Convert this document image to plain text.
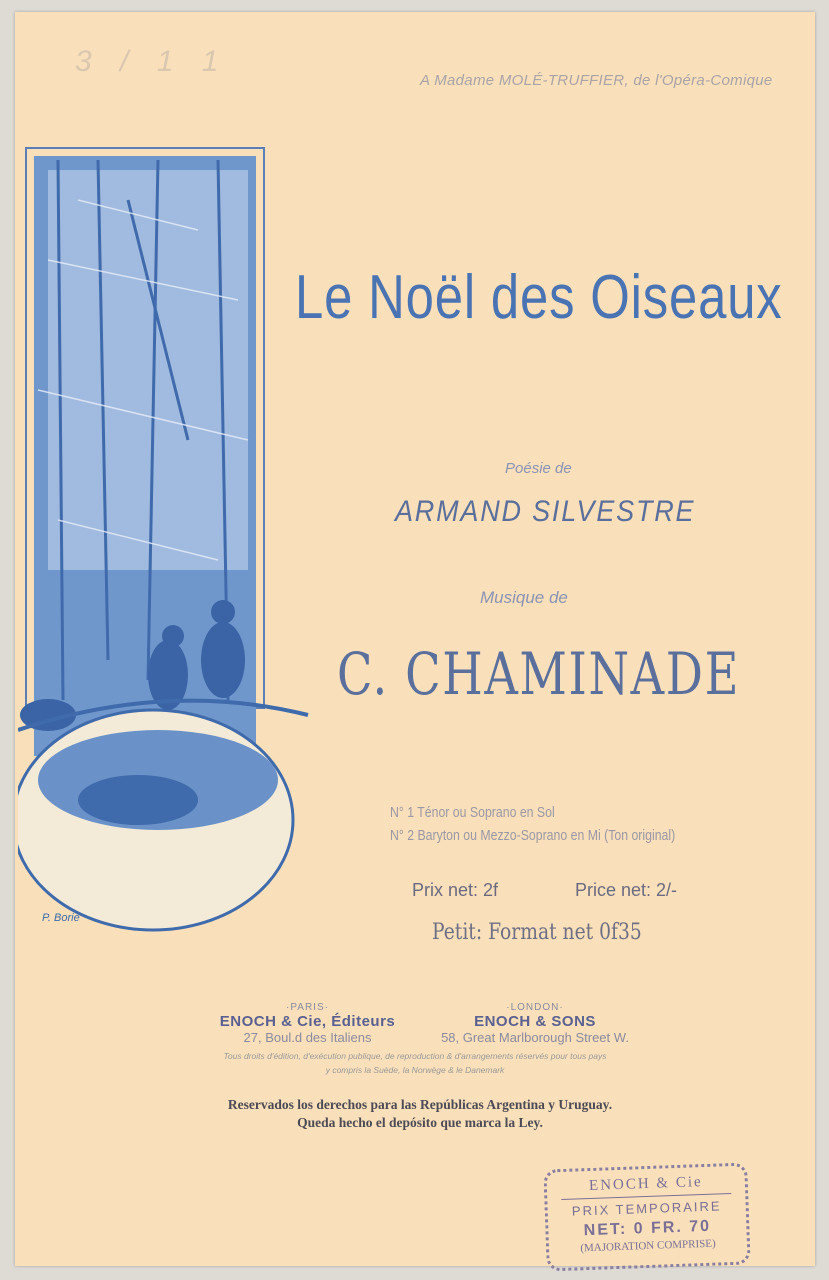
3 / 1 1
A Madame MOLÉ-TRUFFIER, de l'Opéra-Comique
P. Borie
Le Noël des Oiseaux
Poésie de
ARMAND SILVESTRE
Musique de
C. CHAMINADE
N° 1 Ténor ou Soprano en Sol
N° 2 Baryton ou Mezzo-Soprano en Mi (Ton original)
Prix net: 2f	Price net: 2/-
Petit: Format net 0f35
·PARIS·
ENOCH & Cie, Éditeurs
27, Boul.d des Italiens
·LONDON·
ENOCH & SONS
58, Great Marlborough Street W.
Tous droits d'édition, d'exécution publique, de reproduction & d'arrangements réservés pour tous pays
y compris la Suède, la Norwège & le Danemark
Reservados los derechos para las Repúblicas Argentina y Uruguay.
Queda hecho el depósito que marca la Ley.
ENOCH & Cie
PRIX TEMPORAIRE
NET: 0 FR. 70
(MAJORATION COMPRISE)
